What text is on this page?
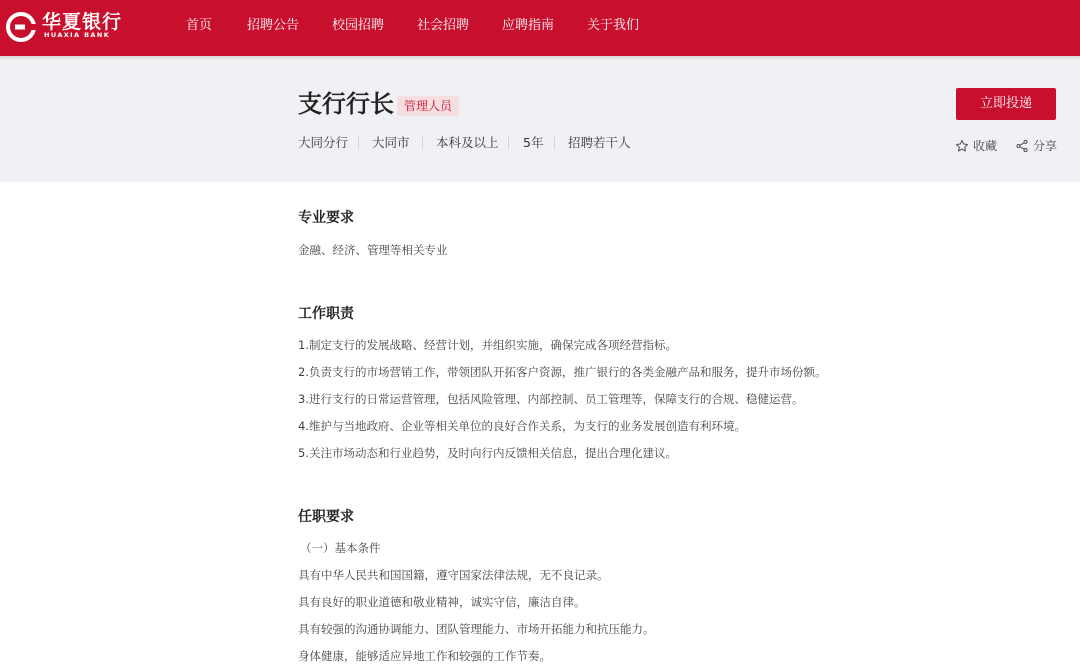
华夏银行
HUAXIA BANK
首页	招聘公告	校园招聘	社会招聘	应聘指南	关于我们
支行行长 管理人员
大同分行 大同市 本科及以上 5年 招聘若干人
立即投递
收藏	分享
专业要求
金融、经济、管理等相关专业
工作职责
1.制定支行的发展战略、经营计划，并组织实施，确保完成各项经营指标。
2.负责支行的市场营销工作，带领团队开拓客户资源，推广银行的各类金融产品和服务，提升市场份额。
3.进行支行的日常运营管理，包括风险管理、内部控制、员工管理等，保障支行的合规、稳健运营。
4.维护与当地政府、企业等相关单位的良好合作关系，为支行的业务发展创造有利环境。
5.关注市场动态和行业趋势，及时向行内反馈相关信息，提出合理化建议。
任职要求
（一）基本条件
具有中华人民共和国国籍，遵守国家法律法规，无不良记录。
具有良好的职业道德和敬业精神，诚实守信，廉洁自律。
具有较强的沟通协调能力、团队管理能力、市场开拓能力和抗压能力。
身体健康，能够适应异地工作和较强的工作节奏。
